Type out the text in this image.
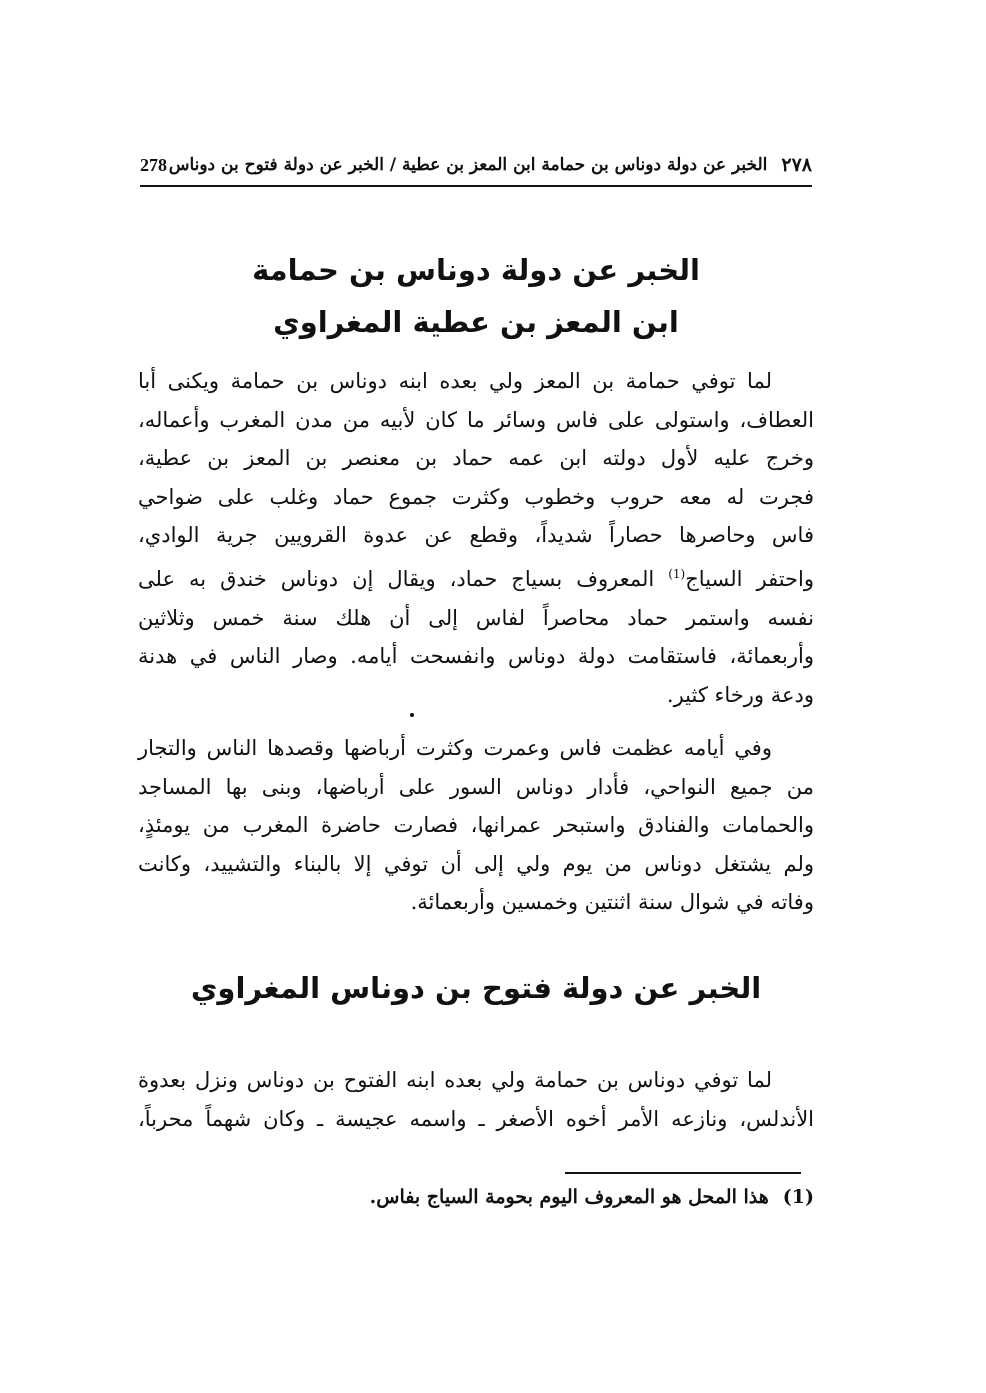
٢٧٨
الخبر عن دولة دوناس بن حمامة ابن المعز بن عطية / الخبر عن دولة فتوح بن دوناس
278
الخبر عن دولة دوناس بن حمامة
ابن المعز بن عطية المغراوي
لما توفي حمامة بن المعز ولي بعده ابنه دوناس بن حمامة ويكنى أبا
العطاف، واستولى على فاس وسائر ما كان لأبيه من مدن المغرب وأعماله،
وخرج عليه لأول دولته ابن عمه حماد بن معنصر بن المعز بن عطية،
فجرت له معه حروب وخطوب وكثرت جموع حماد وغلب على ضواحي
فاس وحاصرها حصاراً شديداً، وقطع عن عدوة القرويين جرية الوادي،
واحتفر السياج$^{(1)}$ المعروف بسياج حماد، ويقال إن دوناس خندق به على
نفسه واستمر حماد محاصراً لفاس إلى أن هلك سنة خمس وثلاثين
وأربعمائة، فاستقامت دولة دوناس وانفسحت أيامه. وصار الناس في هدنة
ودعة ورخاء كثير.
وفي أيامه عظمت فاس وعمرت وكثرت أرباضها وقصدها الناس والتجار
من جميع النواحي، فأدار دوناس السور على أرباضها، وبنى بها المساجد
والحمامات والفنادق واستبحر عمرانها، فصارت حاضرة المغرب من يومئذٍ،
ولم يشتغل دوناس من يوم ولي إلى أن توفي إلا بالبناء والتشييد، وكانت
وفاته في شوال سنة اثنتين وخمسين وأربعمائة.
الخبر عن دولة فتوح بن دوناس المغراوي
لما توفي دوناس بن حمامة ولي بعده ابنه الفتوح بن دوناس ونزل بعدوة
الأندلس، ونازعه الأمر أخوه الأصغر ـ واسمه عجيسة ـ وكان شهماً محرباً،
(1)هذا المحل هو المعروف اليوم بحومة السياج بفاس.
